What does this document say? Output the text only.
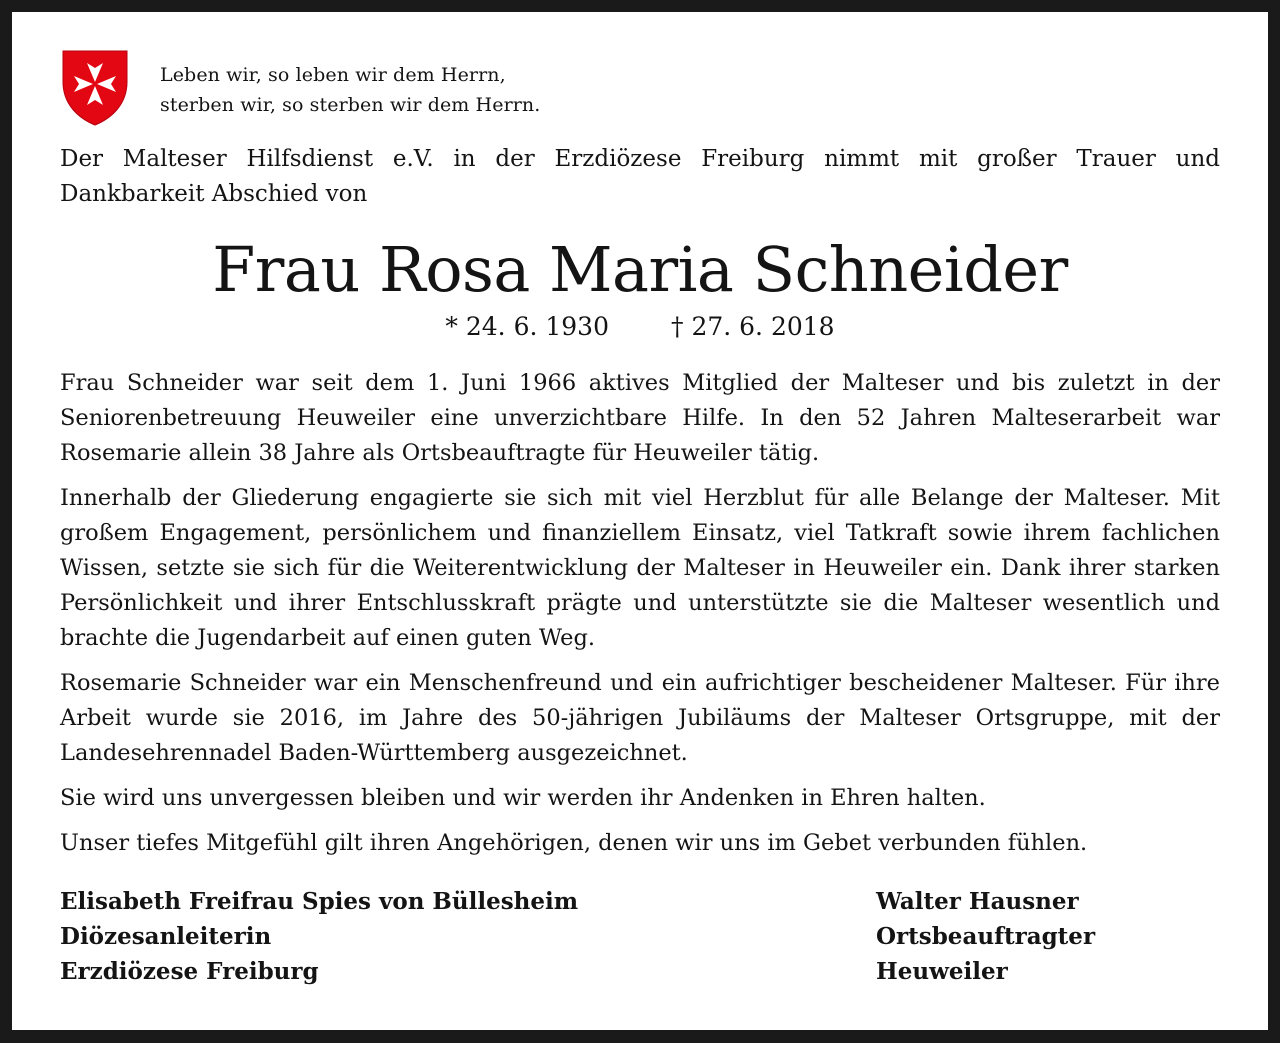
Leben wir, so leben wir dem Herrn,
sterben wir, so sterben wir dem Herrn.
Der Malteser Hilfsdienst e.V. in der Erzdiözese Freiburg nimmt mit großer Trauer und Dankbarkeit Abschied von
Frau Rosa Maria Schneider
* 24. 6. 1930 † 27. 6. 2018

Frau Schneider war seit dem 1. Juni 1966 aktives Mitglied der Malteser und bis zuletzt in der Seniorenbetreuung Heuweiler eine unverzichtbare Hilfe. In den 52 Jahren Malteserarbeit war Rosemarie allein 38 Jahre als Ortsbeauftragte für Heuweiler tätig.

Innerhalb der Gliederung engagierte sie sich mit viel Herzblut für alle Belange der Malteser. Mit großem Engagement, persönlichem und finanziellem Einsatz, viel Tatkraft sowie ihrem fachlichen Wissen, setzte sie sich für die Weiterentwicklung der Malteser in Heuweiler ein. Dank ihrer starken Persönlichkeit und ihrer Entschlusskraft prägte und unterstützte sie die Malteser wesentlich und brachte die Jugendarbeit auf einen guten Weg.

Rosemarie Schneider war ein Menschenfreund und ein aufrichtiger bescheidener Malteser. Für ihre Arbeit wurde sie 2016, im Jahre des 50-jährigen Jubiläums der Malteser Ortsgruppe, mit der Landesehrennadel Baden-Württemberg ausgezeichnet.

Sie wird uns unvergessen bleiben und wir werden ihr Andenken in Ehren halten.

Unser tiefes Mitgefühl gilt ihren Angehörigen, denen wir uns im Gebet verbunden fühlen.

Elisabeth Freifrau Spies von Büllesheim
Diözesanleiterin
Erzdiözese Freiburg
Walter Hausner
Ortsbeauftragter
Heuweiler
